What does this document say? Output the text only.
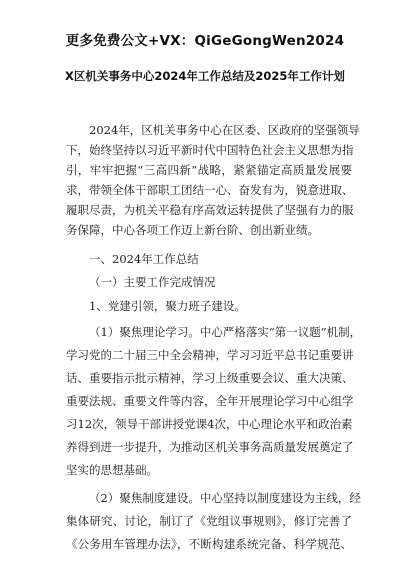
更多免费公文+VX：QiGeGongWen2024
X区机关事务中心2024年工作总结及2025年工作计划
2024年，区机关事务中心在区委、区政府的坚强领导
下，始终坚持以习近平新时代中国特色社会主义思想为指
引，牢牢把握“三高四新”战略，紧紧锚定高质量发展要
求，带领全体干部职工团结一心、奋发有为，锐意进取、
履职尽责，为机关平稳有序高效运转提供了坚强有力的服
务保障，中心各项工作迈上新台阶、创出新业绩。
一、2024年工作总结
（一）主要工作完成情况
1、党建引领，聚力班子建设。
（1）聚焦理论学习。中心严格落实“第一议题”机制，
学习党的二十届三中全会精神，学习习近平总书记重要讲
话、重要指示批示精神，学习上级重要会议、重大决策、
重要法规、重要文件等内容，全年开展理论学习中心组学
习12次，领导干部讲授党课4次，中心理论水平和政治素
养得到进一步提升，为推动区机关事务高质量发展奠定了
坚实的思想基础。
（2）聚焦制度建设。中心坚持以制度建设为主线，经
集体研究、讨论，制订了《党组议事规则》，修订完善了
《公务用车管理办法》，不断构建系统完备、科学规范、
